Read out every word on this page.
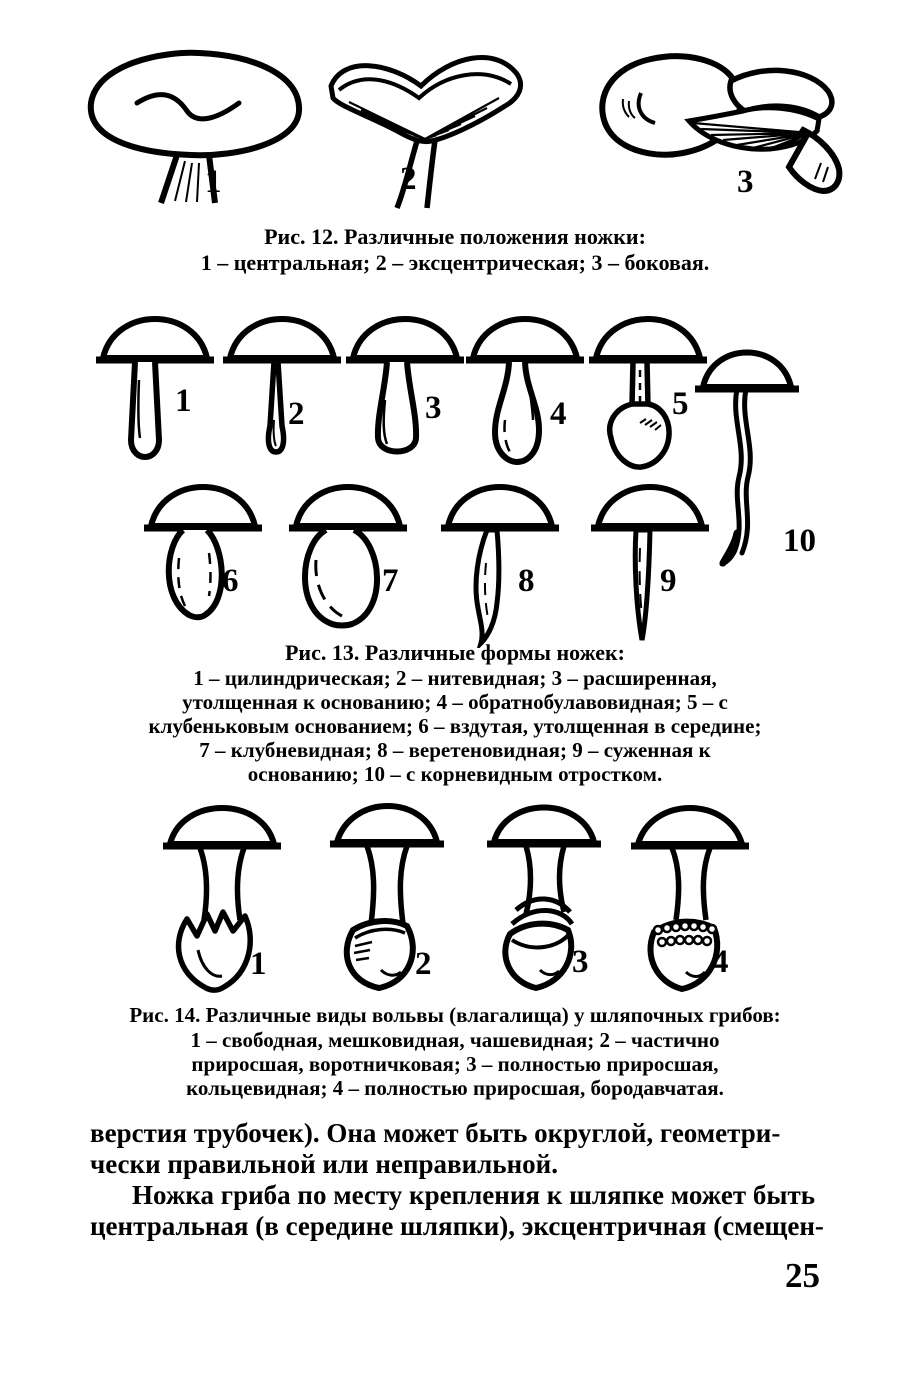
1	2	3
Рис. 12. Различные положения ножки:
1 – центральная; 2 – эксцентрическая; 3 – боковая.
1	2	3	4	5
6	7	8	9
10
Рис. 13. Различные формы ножек:
1 – цилиндрическая; 2 – нитевидная; 3 – расширенная,
утолщенная к основанию; 4 – обратнобулавовидная; 5 – с
клубеньковым основанием; 6 – вздутая, утолщенная в середине;
7 – клубневидная; 8 – веретеновидная; 9 – суженная к
основанию; 10 – с корневидным отростком.
1	2	3	4
Рис. 14. Различные виды вольвы (влагалища) у шляпочных грибов:
1 – свободная, мешковидная, чашевидная; 2 – частично
приросшая, воротничковая; 3 – полностью приросшая,
кольцевидная; 4 – полностью приросшая, бородавчатая.
верстия трубочек). Она может быть округлой, геометри-
чески правильной или неправильной.
Ножка гриба по месту крепления к шляпке может быть
центральная (в середине шляпки), эксцентричная (смещен-
25
